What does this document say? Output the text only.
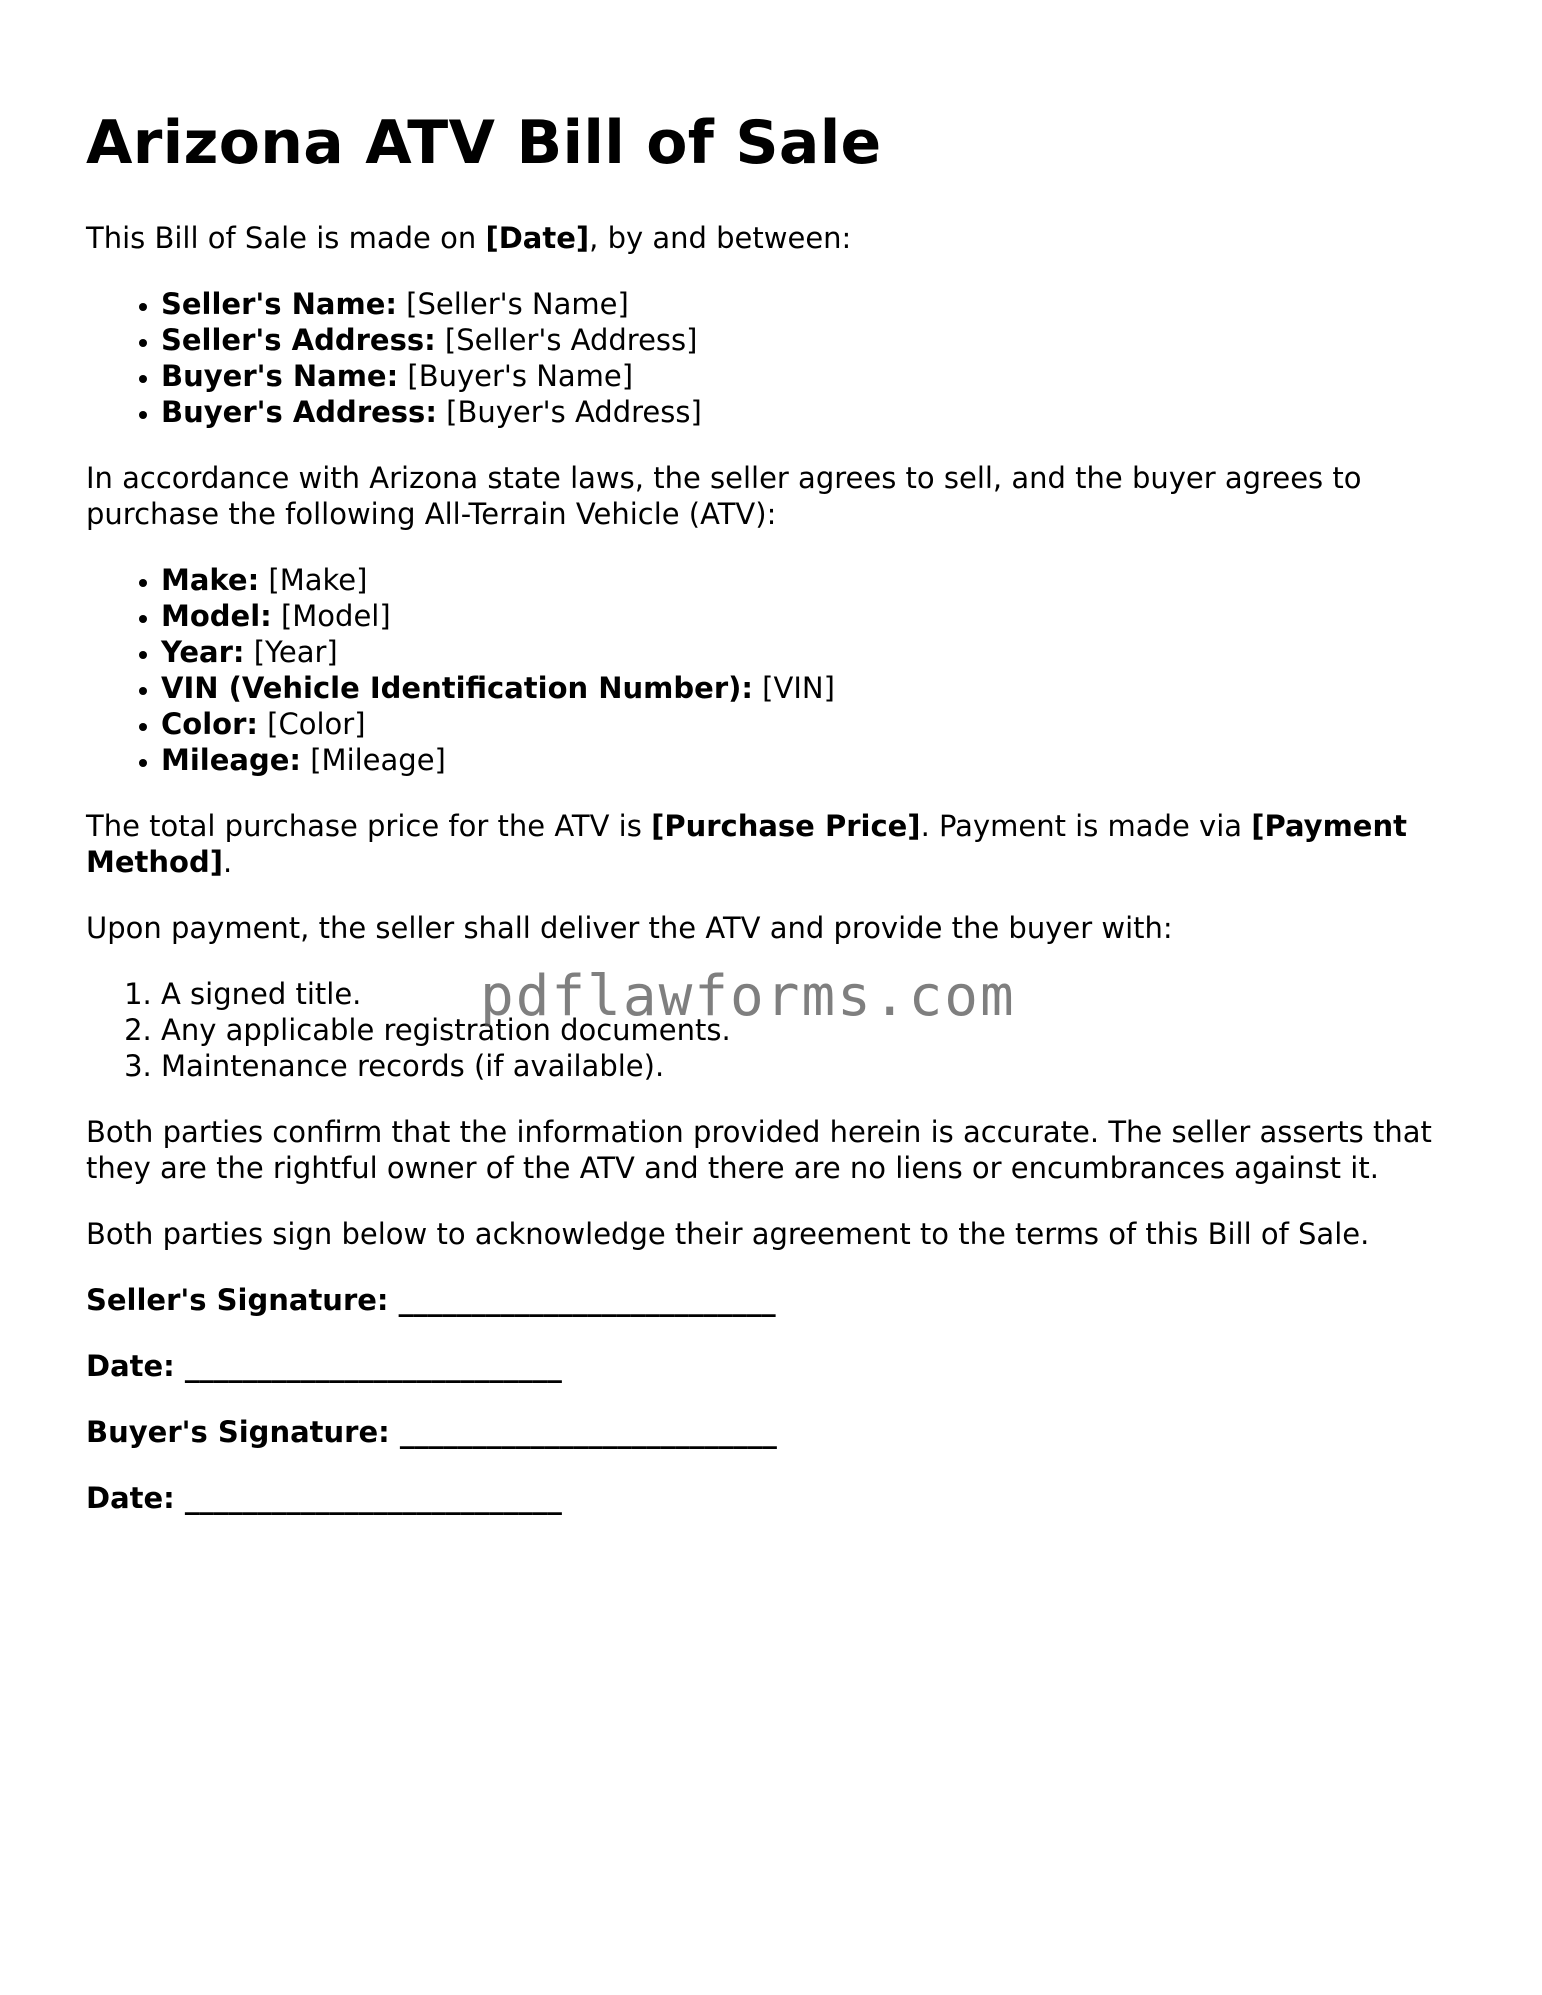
Arizona ATV Bill of Sale

This Bill of Sale is made on [Date], by and between:

• Seller's Name: [Seller's Name]
• Seller's Address: [Seller's Address]
• Buyer's Name: [Buyer's Name]
• Buyer's Address: [Buyer's Address]

In accordance with Arizona state laws, the seller agrees to sell, and the buyer agrees to purchase the following All-Terrain Vehicle (ATV):

• Make: [Make]
• Model: [Model]
• Year: [Year]
• VIN (Vehicle Identification Number): [VIN]
• Color: [Color]
• Mileage: [Mileage]

The total purchase price for the ATV is [Purchase Price]. Payment is made via [Payment Method].

Upon payment, the seller shall deliver the ATV and provide the buyer with:

1. A signed title.
2. Any applicable registration documents.
3. Maintenance records (if available).

Both parties confirm that the information provided herein is accurate. The seller asserts that they are the rightful owner of the ATV and there are no liens or encumbrances against it.

Both parties sign below to acknowledge their agreement to the terms of this Bill of Sale.

Seller's Signature: __________________________

Date: __________________________

Buyer's Signature: __________________________

Date: __________________________

pdflawforms.com
